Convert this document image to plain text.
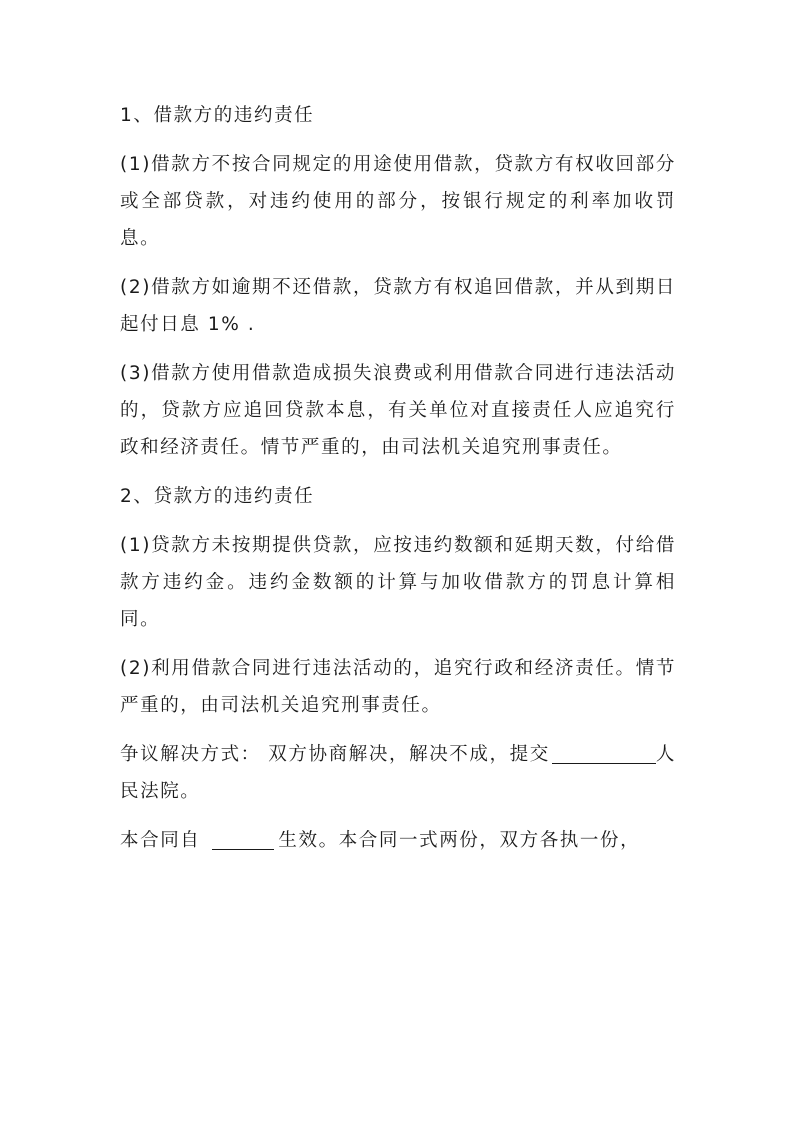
1、借款方的违约责任

(1)借款方不按合同规定的用途使用借款，贷款方有权收回部分或全部贷款，对违约使用的部分，按银行规定的利率加收罚息。

(2)借款方如逾期不还借款，贷款方有权追回借款，并从到期日起付日息 1% .

(3)借款方使用借款造成损失浪费或利用借款合同进行违法活动的，贷款方应追回贷款本息，有关单位对直接责任人应追究行政和经济责任。情节严重的，由司法机关追究刑事责任。

2、贷款方的违约责任

(1)贷款方未按期提供贷款，应按违约数额和延期天数，付给借款方违约金。违约金数额的计算与加收借款方的罚息计算相同。

(2)利用借款合同进行违法活动的，追究行政和经济责任。情节严重的，由司法机关追究刑事责任。

争议解决方式： 双方协商解决，解决不成，提交	人民法院。

本合同自	生效。本合同一式两份，双方各执一份，
